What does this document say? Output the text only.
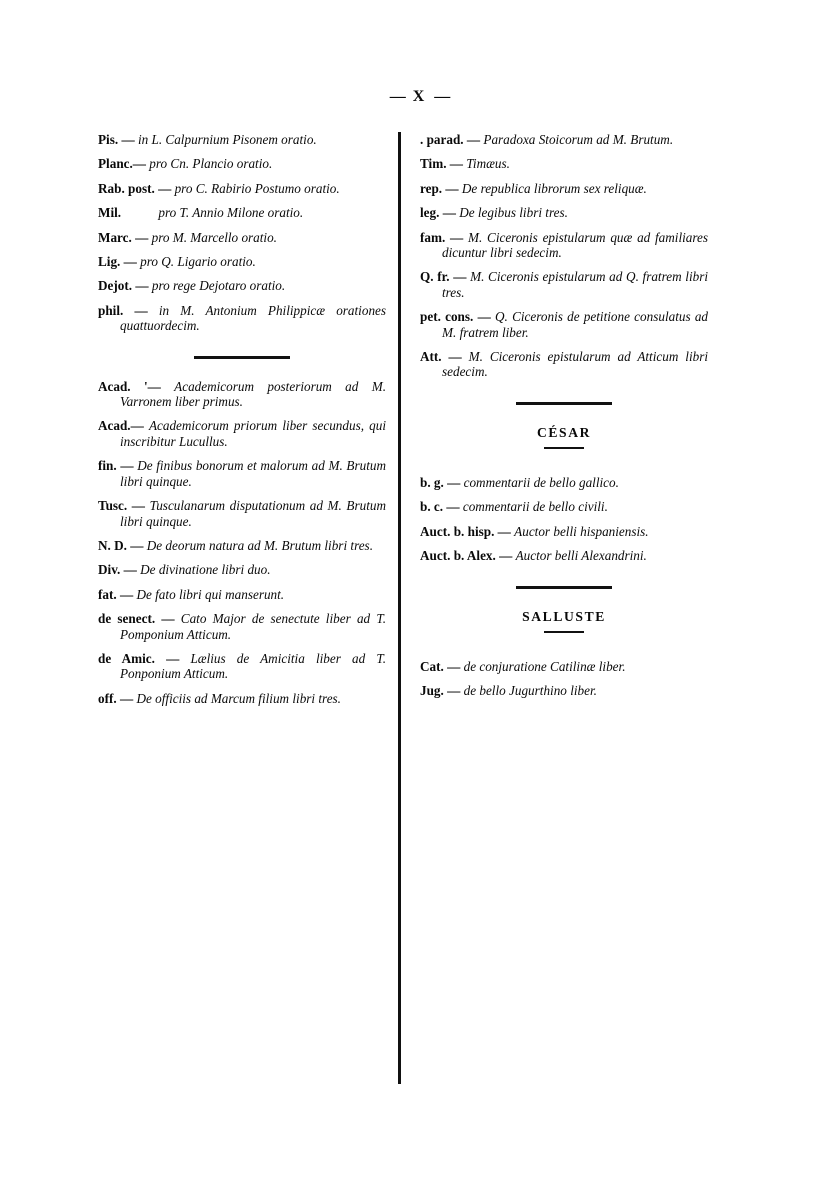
— X —
Pis. — in L. Calpurnium Pisonem oratio.
Planc.— pro Cn. Plancio oratio.
Rab. post. — pro C. Rabirio Postumo oratio.
Mil.	pro T. Annio Milone oratio.
Marc. — pro M. Marcello oratio.
Lig. — pro Q. Ligario oratio.
Dejot. — pro rege Dejotaro oratio.
phil. — in M. Antonium Philippicæ orationes quattuordecim.
Acad. '— Academicorum posteriorum ad M. Varronem liber primus.
Acad.— Academicorum priorum liber secundus, qui inscribitur Lucullus.
fin. — De finibus bonorum et malorum ad M. Brutum libri quinque.
Tusc. — Tusculanarum disputationum ad M. Brutum libri quinque.
N. D. — De deorum natura ad M. Brutum libri tres.
Div. — De divinatione libri duo.
fat. — De fato libri qui manserunt.
de senect. — Cato Major de senectute liber ad T. Pomponium Atticum.
de Amic. — Lælius de Amicitia liber ad T. Ponponium Atticum.
off. — De officiis ad Marcum filium libri tres.
. parad. — Paradoxa Stoicorum ad M. Brutum.
Tim. — Timæus.
rep. — De republica librorum sex reliquæ.
leg. — De legibus libri tres.
fam. — M. Ciceronis epistularum quæ ad familiares dicuntur libri sedecim.
Q. fr. — M. Ciceronis epistularum ad Q. fratrem libri tres.
pet. cons. — Q. Ciceronis de petitione consulatus ad M. fratrem liber.
Att. — M. Ciceronis epistularum ad Atticum libri sedecim.
CÉSAR
b. g. — commentarii de bello gallico.
b. c. — commentarii de bello civili.
Auct. b. hisp. — Auctor belli hispaniensis.
Auct. b. Alex. — Auctor belli Alexandrini.
SALLUSTE
Cat. — de conjuratione Catilinæ liber.
Jug. — de bello Jugurthino liber.
